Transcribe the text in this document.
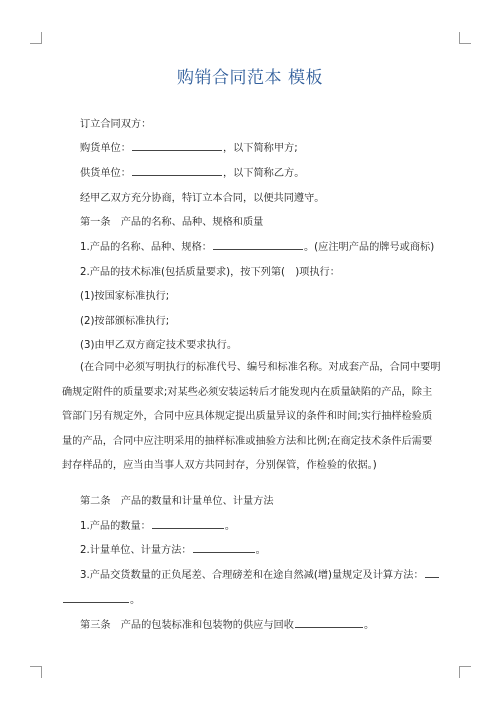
购销合同范本 模板
订立合同双方：
购货单位：	，以下简称甲方;
供货单位：	，以下简称乙方。
经甲乙双方充分协商，特订立本合同，以便共同遵守。
第一条　产品的名称、品种、规格和质量
1.产品的名称、品种、规格：	。(应注明产品的牌号或商标)
2.产品的技术标准(包括质量要求)，按下列第(　)项执行：
(1)按国家标准执行;
(2)按部颁标准执行;
(3)由甲乙双方商定技术要求执行。

(在合同中必须写明执行的标准代号、编号和标准名称。对成套产品，合同中要明确规定附件的质量要求;对某些必须安装运转后才能发现内在质量缺陷的产品，除主管部门另有规定外，合同中应具体规定提出质量异议的条件和时间;实行抽样检验质量的产品，合同中应注明采用的抽样标准或抽验方法和比例;在商定技术条件后需要封存样品的，应当由当事人双方共同封存，分别保管，作检验的依据。)

第二条　产品的数量和计量单位、计量方法
1.产品的数量：	。
2.计量单位、计量方法：	。
3.产品交货数量的正负尾差、合理磅差和在途自然减(增)量规定及计算方法：
。
第三条　产品的包装标准和包装物的供应与回收	。
